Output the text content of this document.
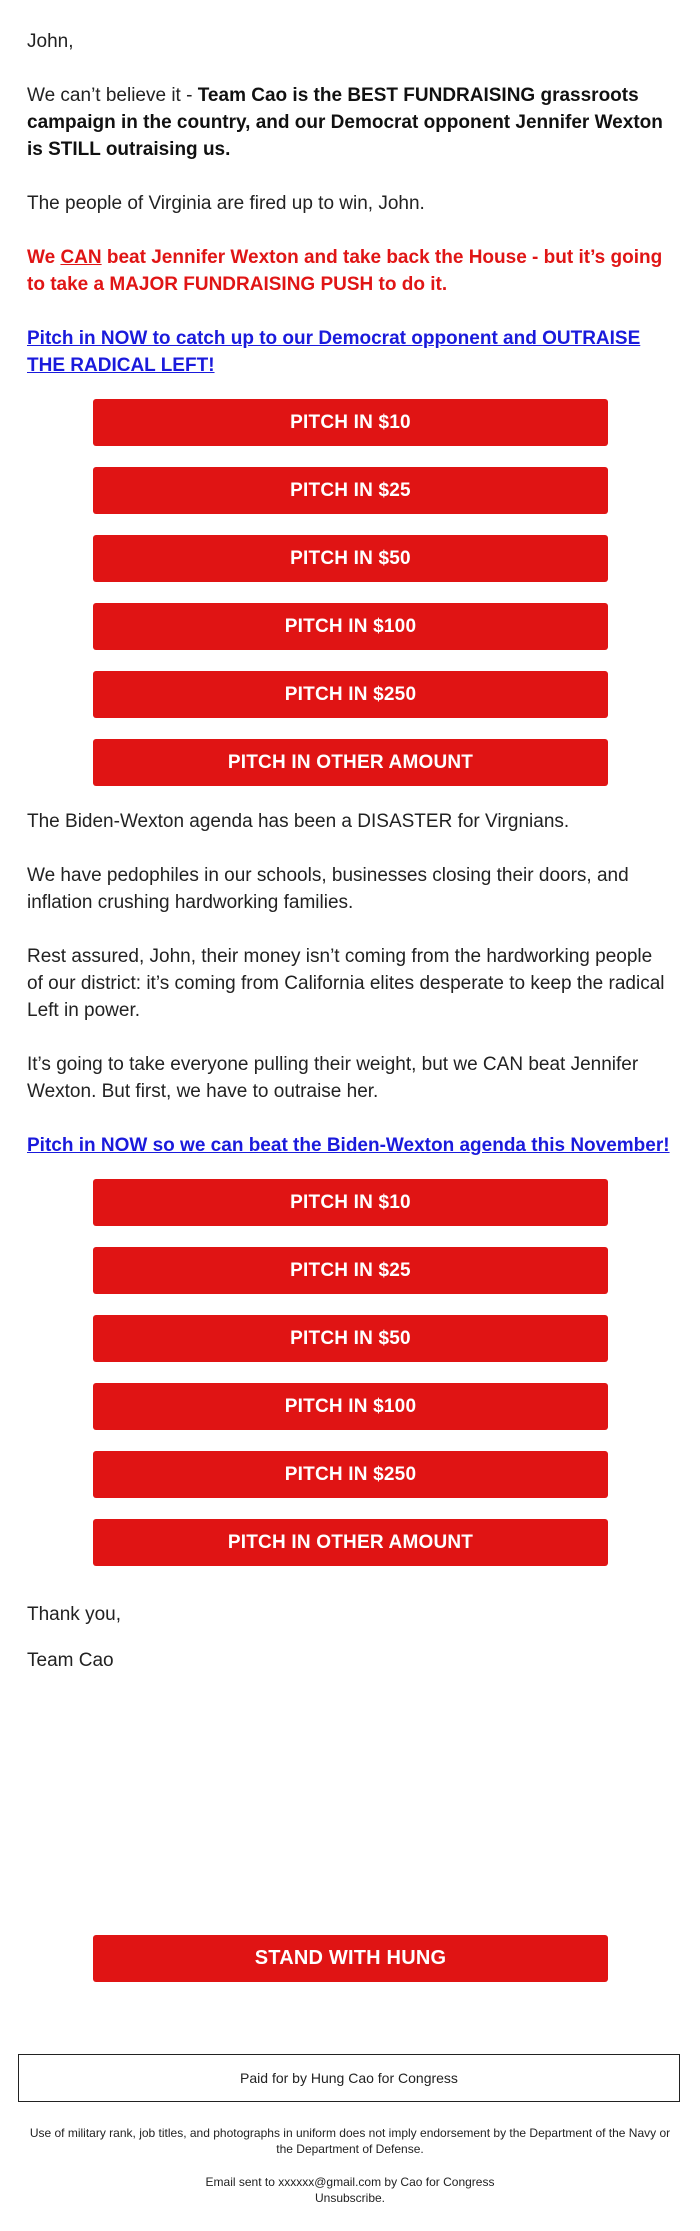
John,

We can’t believe it - Team Cao is the BEST FUNDRAISING grassroots campaign in the country, and our Democrat opponent Jennifer Wexton is STILL outraising us.

The people of Virginia are fired up to win, John.

We CAN beat Jennifer Wexton and take back the House - but it’s going to take a MAJOR FUNDRAISING PUSH to do it.

Pitch in NOW to catch up to our Democrat opponent and OUTRAISE THE RADICAL LEFT!

PITCH IN $10
PITCH IN $25
PITCH IN $50
PITCH IN $100
PITCH IN $250
PITCH IN OTHER AMOUNT

The Biden-Wexton agenda has been a DISASTER for Virgnians.

We have pedophiles in our schools, businesses closing their doors, and inflation crushing hardworking families.

Rest assured, John, their money isn’t coming from the hardworking people of our district: it’s coming from California elites desperate to keep the radical Left in power.

It’s going to take everyone pulling their weight, but we CAN beat Jennifer Wexton. But first, we have to outraise her.

Pitch in NOW so we can beat the Biden-Wexton agenda this November!

PITCH IN $10
PITCH IN $25
PITCH IN $50
PITCH IN $100
PITCH IN $250
PITCH IN OTHER AMOUNT

Thank you,

Team Cao

STAND WITH HUNG
Paid for by Hung Cao for Congress
Use of military rank, job titles, and photographs in uniform does not imply endorsement by the Department of the Navy or the Department of Defense.
Email sent to xxxxxx@gmail.com by Cao for Congress
Unsubscribe.
